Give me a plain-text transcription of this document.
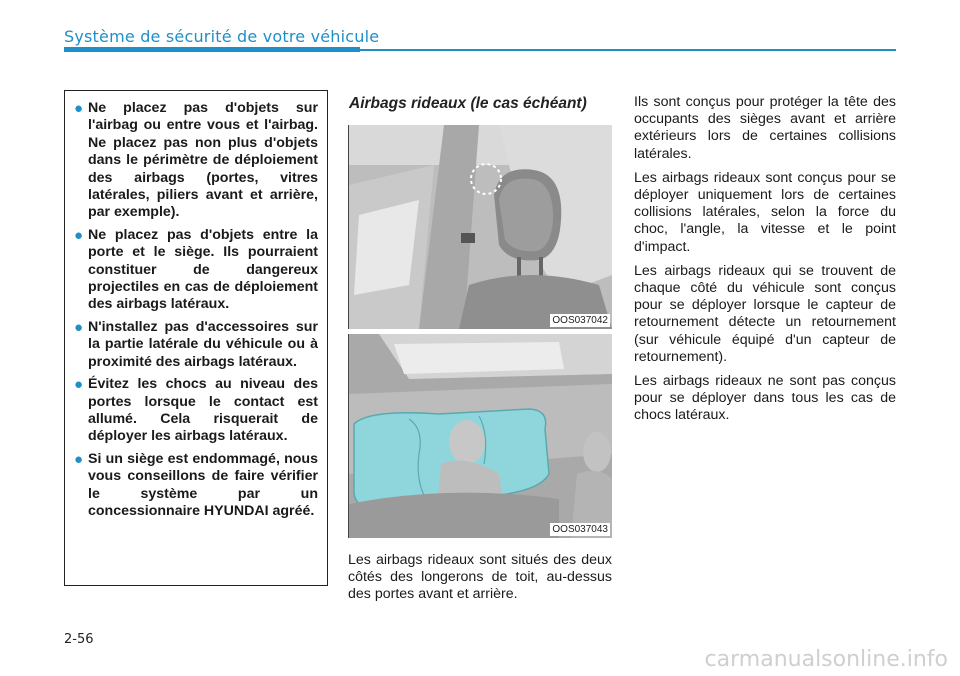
Système de sécurité de votre véhicule
● Ne placez pas d'objets sur l'airbag ou entre vous et l'airbag. Ne placez pas non plus d'objets dans le périmètre de déploiement des airbags (portes, vitres latérales, piliers avant et arrière, par exemple).
● Ne placez pas d'objets entre la porte et le siège. Ils pourraient constituer de dangereux projectiles en cas de déploiement des airbags latéraux.
● N'installez pas d'accessoires sur la partie latérale du véhicule ou à proximité des airbags latéraux.
● Évitez les chocs au niveau des portes lorsque le contact est allumé. Cela risquerait de déployer les airbags latéraux.
● Si un siège est endommagé, nous vous conseillons de faire vérifier le système par un concessionnaire HYUNDAI agréé.
Airbags rideaux (le cas échéant)
OOS037042
OOS037043
Les airbags rideaux sont situés des deux côtés des longerons de toit, au-dessus des portes avant et arrière.

Ils sont conçus pour protéger la tête des occupants des sièges avant et arrière extérieurs lors de certaines collisions latérales.

Les airbags rideaux sont conçus pour se déployer uniquement lors de certaines collisions latérales, selon la force du choc, l'angle, la vitesse et le point d'impact.

Les airbags rideaux qui se trouvent de chaque côté du véhicule sont conçus pour se déployer lorsque le capteur de retournement détecte un retournement (sur véhicule équipé d'un capteur de retournement).

Les airbags rideaux ne sont pas conçus pour se déployer dans tous les cas de chocs latéraux.

2-56
carmanualsonline.info
